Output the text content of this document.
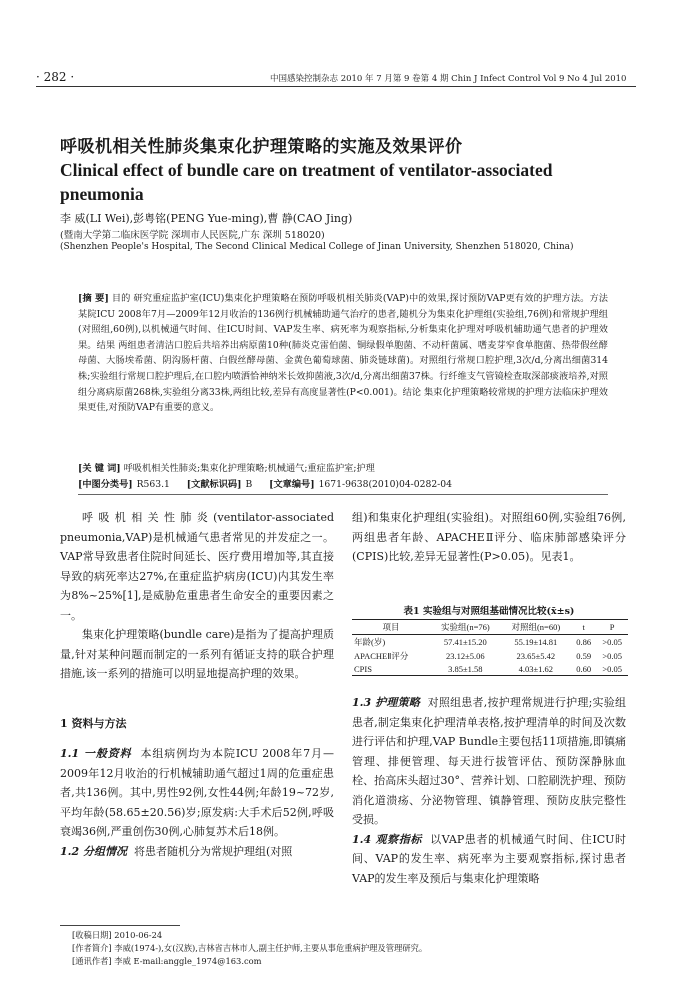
· 282 ·	中国感染控制杂志 2010 年 7 月第 9 卷第 4 期 Chin J Infect Control Vol 9 No 4 Jul 2010
呼吸机相关性肺炎集束化护理策略的实施及效果评价
Clinical effect of bundle care on treatment of ventilator-associated pneumonia
李 威(LI Wei),彭粤铭(PENG Yue-ming),曹 静(CAO Jing)
(暨南大学第二临床医学院 深圳市人民医院,广东 深圳 518020)
(Shenzhen People's Hospital, The Second Clinical Medical College of Jinan University, Shenzhen 518020, China)
[摘 要] 目的 研究重症监护室(ICU)集束化护理策略在预防呼吸机相关肺炎(VAP)中的效果,探讨预防VAP更有效的护理方法。方法 某院ICU 2008年7月—2009年12月收治的136例行机械辅助通气治疗的患者,随机分为集束化护理组(实验组,76例)和常规护理组(对照组,60例),以机械通气时间、住ICU时间、VAP发生率、病死率为观察指标,分析集束化护理对呼吸机辅助通气患者的护理效果。结果 两组患者清洁口腔后共培养出病原菌10种(肺炎克雷伯菌、铜绿假单胞菌、不动杆菌属、嗜麦芽窄食单胞菌、热带假丝酵母菌、大肠埃希菌、阴沟肠杆菌、白假丝酵母菌、金黄色葡萄球菌、肺炎链球菌)。对照组行常规口腔护理,3次/d,分离出细菌314株;实验组行常规口腔护理后,在口腔内喷洒恰神纳米长效抑菌液,3次/d,分离出细菌37株。行纤维支气管镜检查取深部痰液培养,对照组分离病原菌268株,实验组分离33株,两组比较,差异有高度显著性(P<0.001)。结论 集束化护理策略较常规的护理方法临床护理效果更佳,对预防VAP有重要的意义。
[关 键 词] 呼吸机相关性肺炎;集束化护理策略;机械通气;重症监护室;护理
[中图分类号] R563.1 [文献标识码] B [文章编号] 1671-9638(2010)04-0282-04

呼吸机相关性肺炎(ventilator-associated pneumonia,VAP)是机械通气患者常见的并发症之一。VAP常导致患者住院时间延长、医疗费用增加等,其直接导致的病死率达27%,在重症监护病房(ICU)内其发生率为8%~25%[1],是威胁危重患者生命安全的重要因素之一。

集束化护理策略(bundle care)是指为了提高护理质量,针对某种问题而制定的一系列有循证支持的联合护理措施,该一系列的措施可以明显地提高护理的效果。

1 资料与方法

1.1 一般资料 本组病例均为本院ICU 2008年7月—2009年12月收治的行机械辅助通气超过1周的危重症患者,共136例。其中,男性92例,女性44例;年龄19~72岁,平均年龄(58.65±20.56)岁;原发病:大手术后52例,呼吸衰竭36例,严重创伤30例,心肺复苏术后18例。

1.2 分组情况 将患者随机分为常规护理组(对照

组)和集束化护理组(实验组)。对照组60例,实验组76例,两组患者年龄、APACHEⅡ评分、临床肺部感染评分(CPIS)比较,差异无显著性(P>0.05)。见表1。

表1 实验组与对照组基础情况比较(x̄±s)
项目	实验组(n=76)	对照组(n=60)	t	P
年龄(岁)	57.41±15.20	55.19±14.81	0.86	>0.05
APACHEⅡ评分	23.12±5.06	23.65±5.42	0.59	>0.05
CPIS	3.85±1.58	4.03±1.62	0.60	>0.05

1.3 护理策略 对照组患者,按护理常规进行护理;实验组患者,制定集束化护理清单表格,按护理清单的时间及次数进行评估和护理,VAP Bundle主要包括11项措施,即镇痛管理、排便管理、每天进行拔管评估、预防深静脉血栓、抬高床头超过30°、营养计划、口腔刷洗护理、预防消化道溃疡、分泌物管理、镇静管理、预防皮肤完整性受损。

1.4 观察指标 以VAP患者的机械通气时间、住ICU时间、VAP的发生率、病死率为主要观察指标,探讨患者VAP的发生率及预后与集束化护理策略

[收稿日期] 2010-06-24
[作者简介] 李威(1974-),女(汉族),吉林省吉林市人,副主任护师,主要从事危重病护理及管理研究。
[通讯作者] 李威 E-mail:anggle_1974@163.com
